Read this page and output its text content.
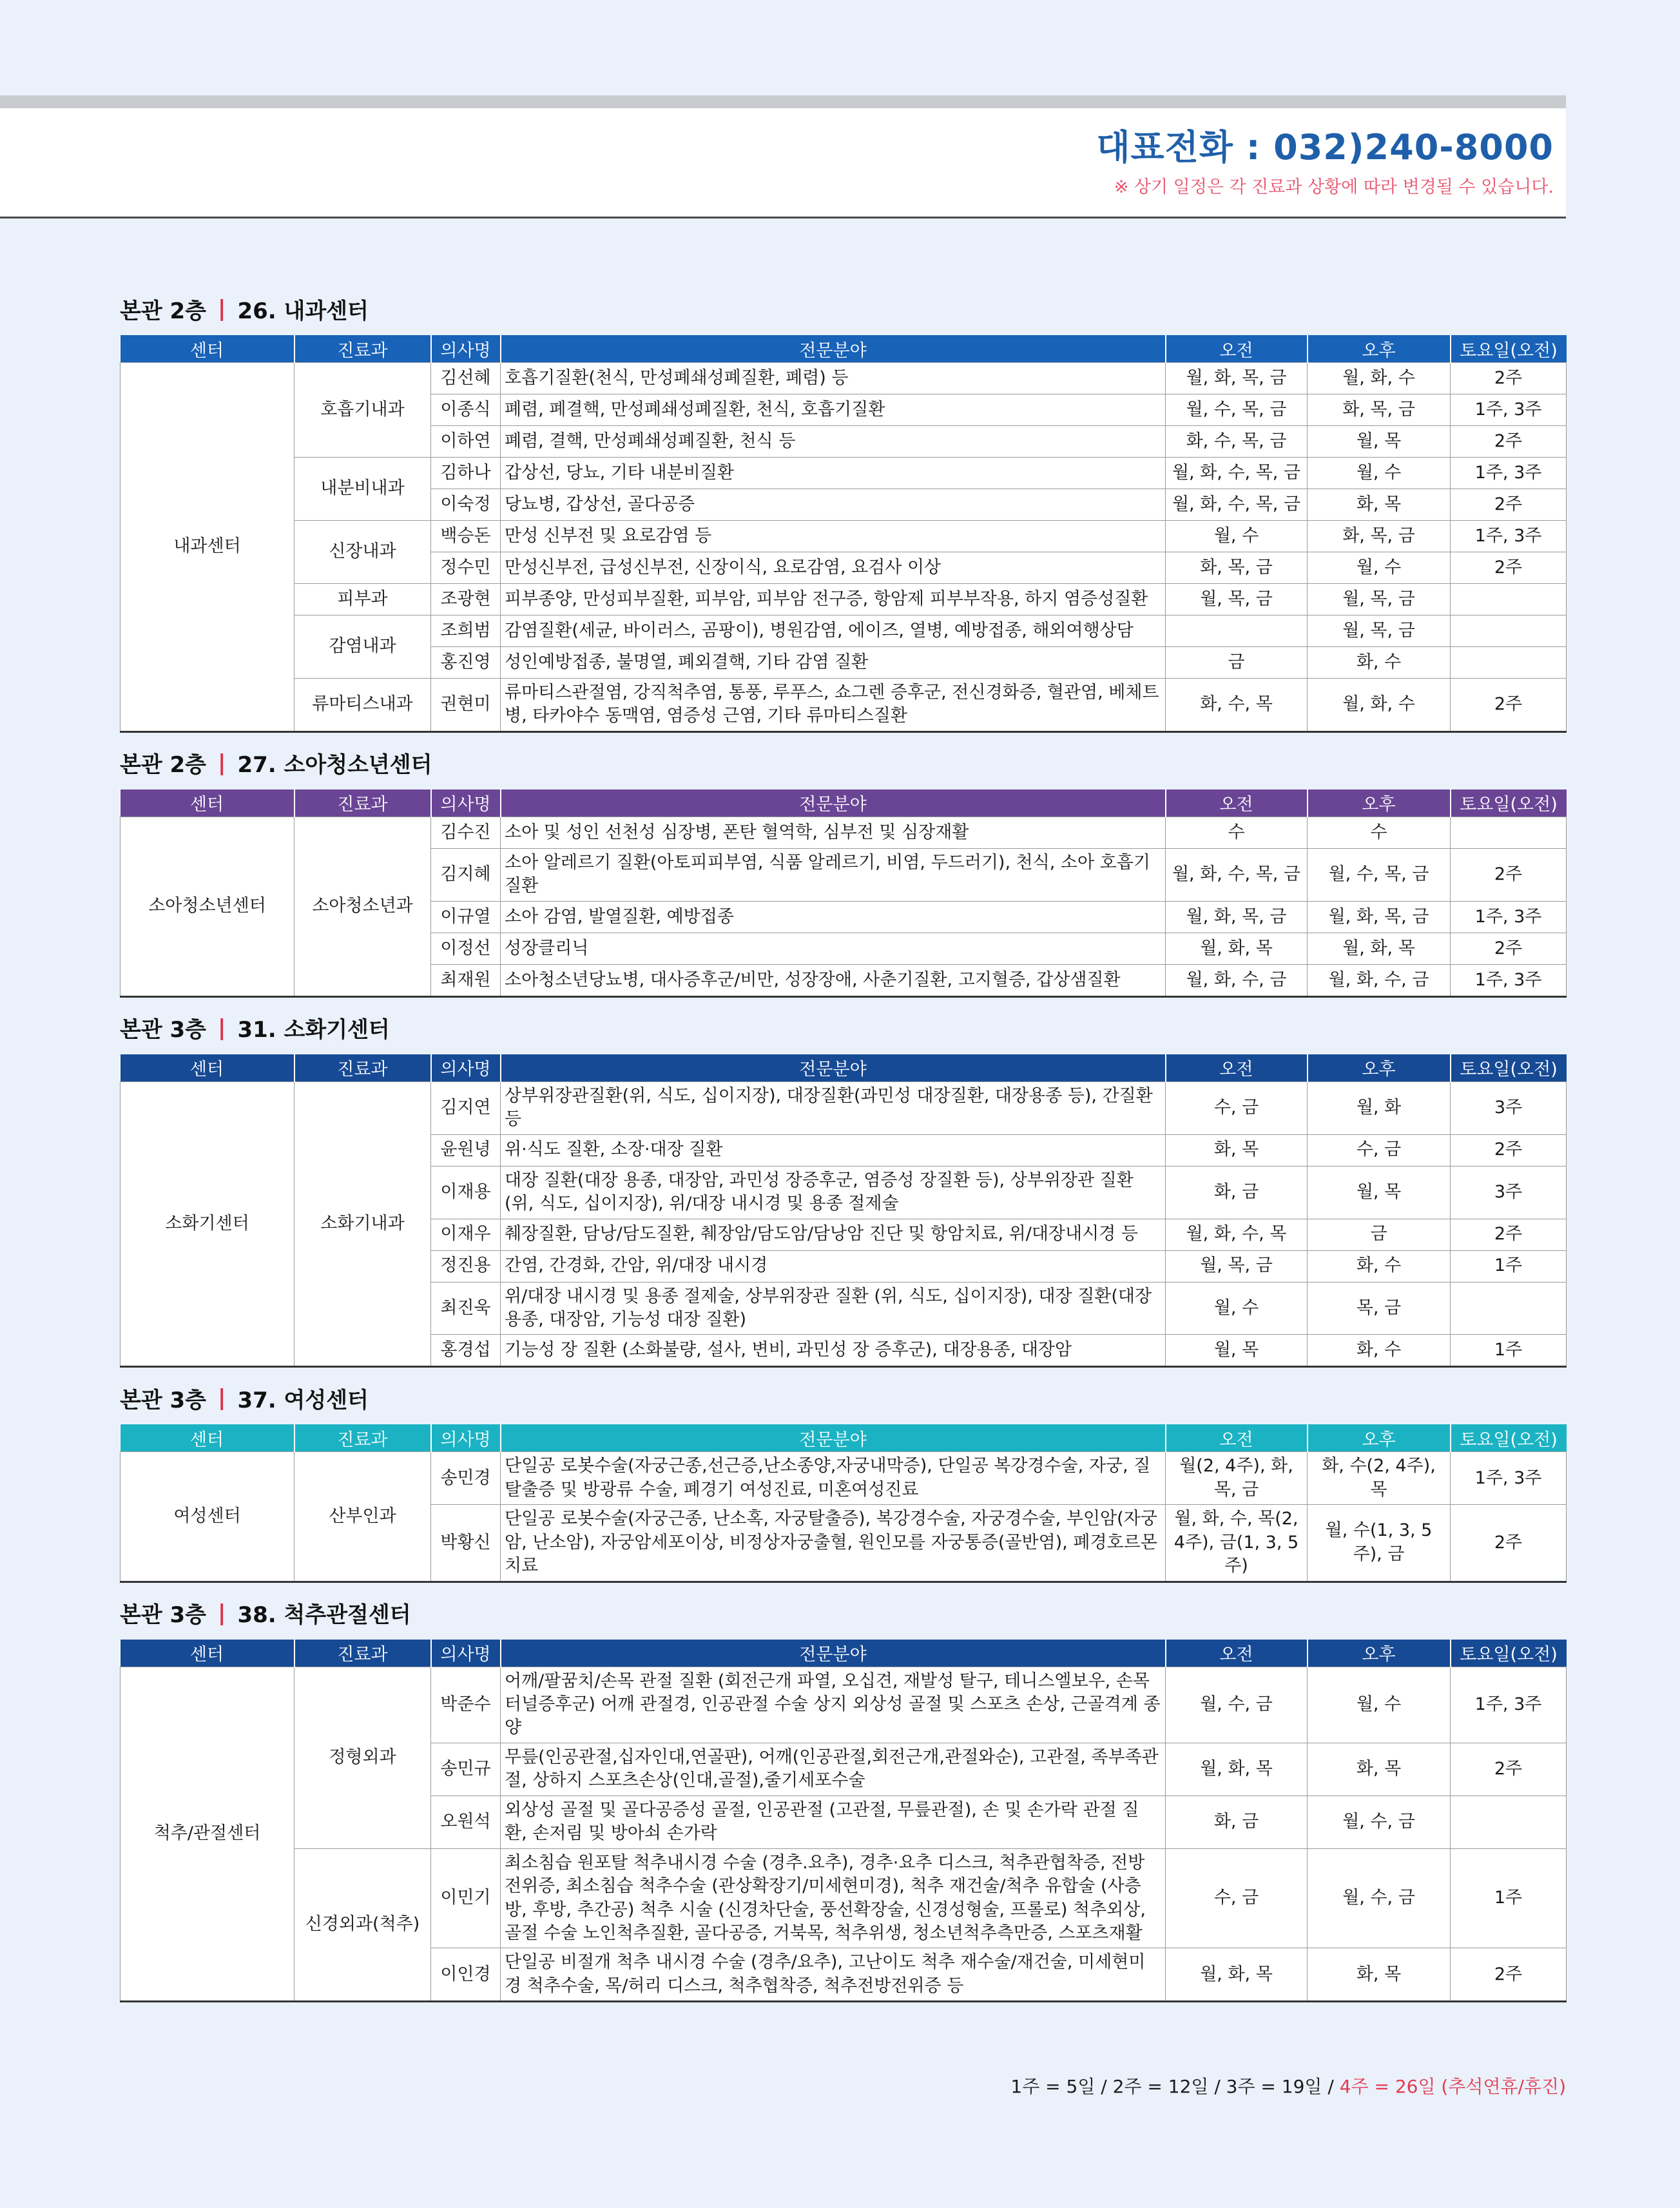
대표전화 : 032)240-8000
※ 상기 일정은 각 진료과 상황에 따라 변경될 수 있습니다.
본관 2층 | 26. 내과센터
센터	진료과	의사명	전문분야	오전	오후	토요일(오전)
내과센터	호흡기내과	김선혜	호흡기질환(천식, 만성폐쇄성폐질환, 폐렴) 등	월, 화, 목, 금	월, 화, 수	2주
		이종식	폐렴, 폐결핵, 만성폐쇄성폐질환, 천식, 호흡기질환	월, 수, 목, 금	화, 목, 금	1주, 3주
		이하연	폐렴, 결핵, 만성폐쇄성폐질환, 천식 등	화, 수, 목, 금	월, 목	2주
	내분비내과	김하나	갑상선, 당뇨, 기타 내분비질환	월, 화, 수, 목, 금	월, 수	1주, 3주
		이숙정	당뇨병, 갑상선, 골다공증	월, 화, 수, 목, 금	화, 목	2주
	신장내과	백승돈	만성 신부전 및 요로감염 등	월, 수	화, 목, 금	1주, 3주
		정수민	만성신부전, 급성신부전, 신장이식, 요로감염, 요검사 이상	화, 목, 금	월, 수	2주
	피부과	조광현	피부종양, 만성피부질환, 피부암, 피부암 전구증, 항암제 피부부작용, 하지 염증성질환	월, 목, 금	월, 목, 금	
	감염내과	조희범	감염질환(세균, 바이러스, 곰팡이), 병원감염, 에이즈, 열병, 예방접종, 해외여행상담		월, 목, 금	
		홍진영	성인예방접종, 불명열, 폐외결핵, 기타 감염 질환	금	화, 수	
	류마티스내과	권현미	류마티스관절염, 강직척추염, 통풍, 루푸스, 쇼그렌 증후군, 전신경화증, 혈관염, 베체트병, 타카야수 동맥염, 염증성 근염, 기타 류마티스질환	화, 수, 목	월, 화, 수	2주
본관 2층 | 27. 소아청소년센터
센터	진료과	의사명	전문분야	오전	오후	토요일(오전)
소아청소년센터	소아청소년과	김수진	소아 및 성인 선천성 심장병, 폰탄 혈역학, 심부전 및 심장재활	수	수	
		김지혜	소아 알레르기 질환(아토피피부염, 식품 알레르기, 비염, 두드러기), 천식, 소아 호흡기 질환	월, 화, 수, 목, 금	월, 수, 목, 금	2주
		이규열	소아 감염, 발열질환, 예방접종	월, 화, 목, 금	월, 화, 목, 금	1주, 3주
		이정선	성장클리닉	월, 화, 목	월, 화, 목	2주
		최재원	소아청소년당뇨병, 대사증후군/비만, 성장장애, 사춘기질환, 고지혈증, 갑상샘질환	월, 화, 수, 금	월, 화, 수, 금	1주, 3주
본관 3층 | 31. 소화기센터
센터	진료과	의사명	전문분야	오전	오후	토요일(오전)
소화기센터	소화기내과	김지연	상부위장관질환(위, 식도, 십이지장), 대장질환(과민성 대장질환, 대장용종 등), 간질환 등	수, 금	월, 화	3주
		윤원녕	위·식도 질환, 소장·대장 질환	화, 목	수, 금	2주
		이재용	대장 질환(대장 용종, 대장암, 과민성 장증후군, 염증성 장질환 등), 상부위장관 질환(위, 식도, 십이지장), 위/대장 내시경 및 용종 절제술	화, 금	월, 목	3주
		이재우	췌장질환, 담낭/담도질환, 췌장암/담도암/담낭암 진단 및 항암치료, 위/대장내시경 등	월, 화, 수, 목	금	2주
		정진용	간염, 간경화, 간암, 위/대장 내시경	월, 목, 금	화, 수	1주
		최진욱	위/대장 내시경 및 용종 절제술, 상부위장관 질환 (위, 식도, 십이지장), 대장 질환(대장 용종, 대장암, 기능성 대장 질환)	월, 수	목, 금	
		홍경섭	기능성 장 질환 (소화불량, 설사, 변비, 과민성 장 증후군), 대장용종, 대장암	월, 목	화, 수	1주
본관 3층 | 37. 여성센터
센터	진료과	의사명	전문분야	오전	오후	토요일(오전)
여성센터	산부인과	송민경	단일공 로봇수술(자궁근종,선근증,난소종양,자궁내막증), 단일공 복강경수술, 자궁, 질 탈출증 및 방광류 수술, 폐경기 여성진료, 미혼여성진료	월(2, 4주), 화, 목, 금	화, 수(2, 4주), 목	1주, 3주
		박황신	단일공 로봇수술(자궁근종, 난소혹, 자궁탈출증), 복강경수술, 자궁경수술, 부인암(자궁암, 난소암), 자궁암세포이상, 비정상자궁출혈, 원인모를 자궁통증(골반염), 폐경호르몬치료	월, 화, 수, 목(2, 4주), 금(1, 3, 5주)	월, 수(1, 3, 5주), 금	2주
본관 3층 | 38. 척추관절센터
센터	진료과	의사명	전문분야	오전	오후	토요일(오전)
척추/관절센터	정형외과	박준수	어깨/팔꿈치/손목 관절 질환 (회전근개 파열, 오십견, 재발성 탈구, 테니스엘보우, 손목터널증후군) 어깨 관절경, 인공관절 수술 상지 외상성 골절 및 스포츠 손상, 근골격계 종양	월, 수, 금	월, 수	1주, 3주
		송민규	무릎(인공관절,십자인대,연골판), 어깨(인공관절,회전근개,관절와순), 고관절, 족부족관절, 상하지 스포츠손상(인대,골절),줄기세포수술	월, 화, 목	화, 목	2주
		오원석	외상성 골절 및 골다공증성 골절, 인공관절 (고관절, 무릎관절), 손 및 손가락 관절 질환, 손저림 및 방아쇠 손가락	화, 금	월, 수, 금	
	신경외과(척추)	이민기	최소침습 원포탈 척추내시경 수술 (경추.요추), 경추·요추 디스크, 척추관협착증, 전방전위증, 최소침습 척추수술 (관상확장기/미세현미경), 척추 재건술/척추 유합술 (사층방, 후방, 추간공) 척추 시술 (신경차단술, 풍선확장술, 신경성형술, 프롤로) 척추외상, 골절 수술 노인척추질환, 골다공증, 거북목, 척추위생, 청소년척추측만증, 스포츠재활	수, 금	월, 수, 금	1주
		이인경	단일공 비절개 척추 내시경 수술 (경추/요추), 고난이도 척추 재수술/재건술, 미세현미경 척추수술, 목/허리 디스크, 척추협착증, 척추전방전위증 등	월, 화, 목	화, 목	2주
1주 = 5일 / 2주 = 12일 / 3주 = 19일 / 4주 = 26일 (추석연휴/휴진)
